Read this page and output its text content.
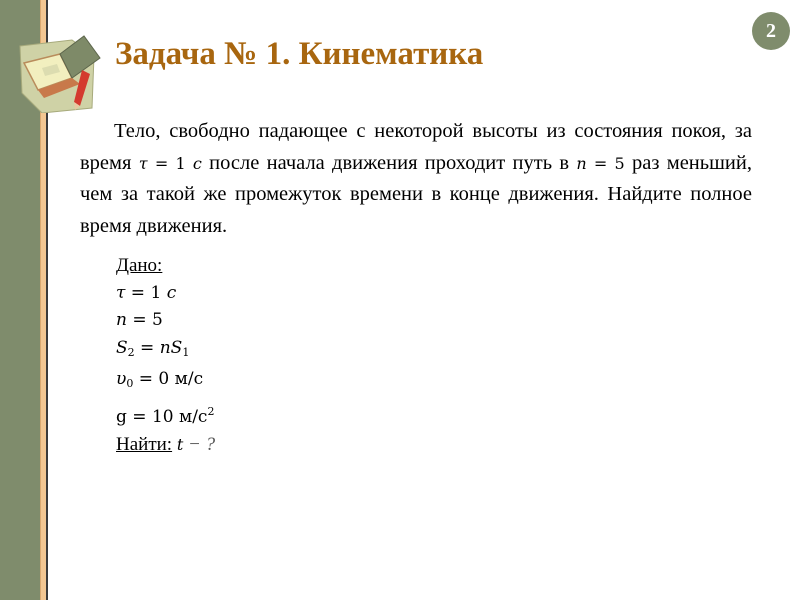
2
Задача № 1. Кинематика

Тело, свободно падающее с некоторой высоты из состояния покоя, за время τ = 1 с после начала движения проходит путь в n = 5 раз меньший, чем за такой же промежуток времени в конце движения. Найдите полное время движения.

Дано:
τ = 1 с
n = 5
$S_2 = nS_1$
$\upsilon_0 = 0$ м/с
g = 10 $м/с^2$
Найти: t − ?
